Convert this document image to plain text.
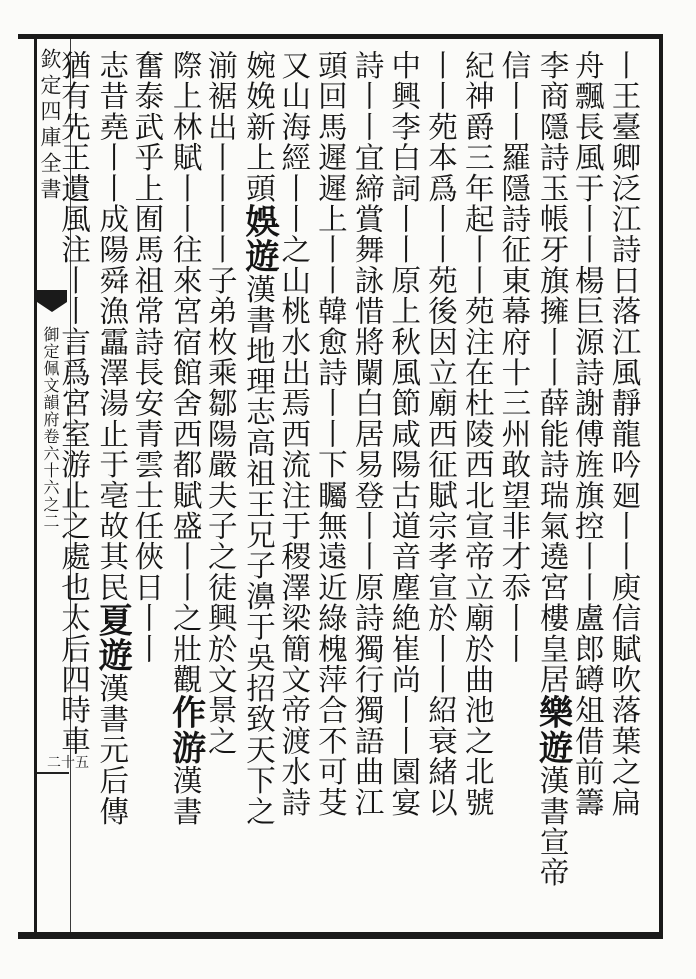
欽定四庫全書
御定佩文韻府卷六十六之二
二十五	丨王臺卿泛江詩日落江風靜龍吟廻丨丨庾信賦吹落葉之扁
舟飄長風于丨丨楊巨源詩謝傅旌旗控丨丨盧郎罇俎借前籌
李商隱詩玉帳牙旗擁丨丨薛能詩瑞氣遶宮樓皇居樂遊漢書宣帝
信丨丨羅隱詩征東幕府十三州敢望非才忝丨丨
紀神爵三年起丨丨苑注在杜陵西北宣帝立廟於曲池之北號
丨丨苑本爲丨丨苑後因立廟西征賦宗孝宣於丨丨紹衰緒以
中興李白詞丨丨原上秋風節咸陽古道音塵絶崔尚丨丨園宴
詩丨丨宜締賞舞詠惜將闌白居易登丨丨原詩獨行獨語曲江
頭回馬遲遲上丨丨韓愈詩丨丨下矚無遠近綠槐萍合不可芟
又山海經丨丨之山桃水出焉西流注于稷澤梁簡文帝渡水詩
婉娩新上頭娛遊漢書地理志高祖王兄子濞于吳招致天下之
湔裾出丨丨丨丨子弟枚乘鄒陽嚴夫子之徒興於文景之
際上林賦丨丨往來宮宿館舍西都賦盛丨丨之壯觀作游漢書
奮泰武乎上囿馬祖常詩長安青雲士任俠日丨丨
志昔堯丨丨成陽舜漁靁澤湯止于亳故其民夏遊漢書元后傳
猶有先王遺風注丨丨言爲宮室游止之處也太后四時車
